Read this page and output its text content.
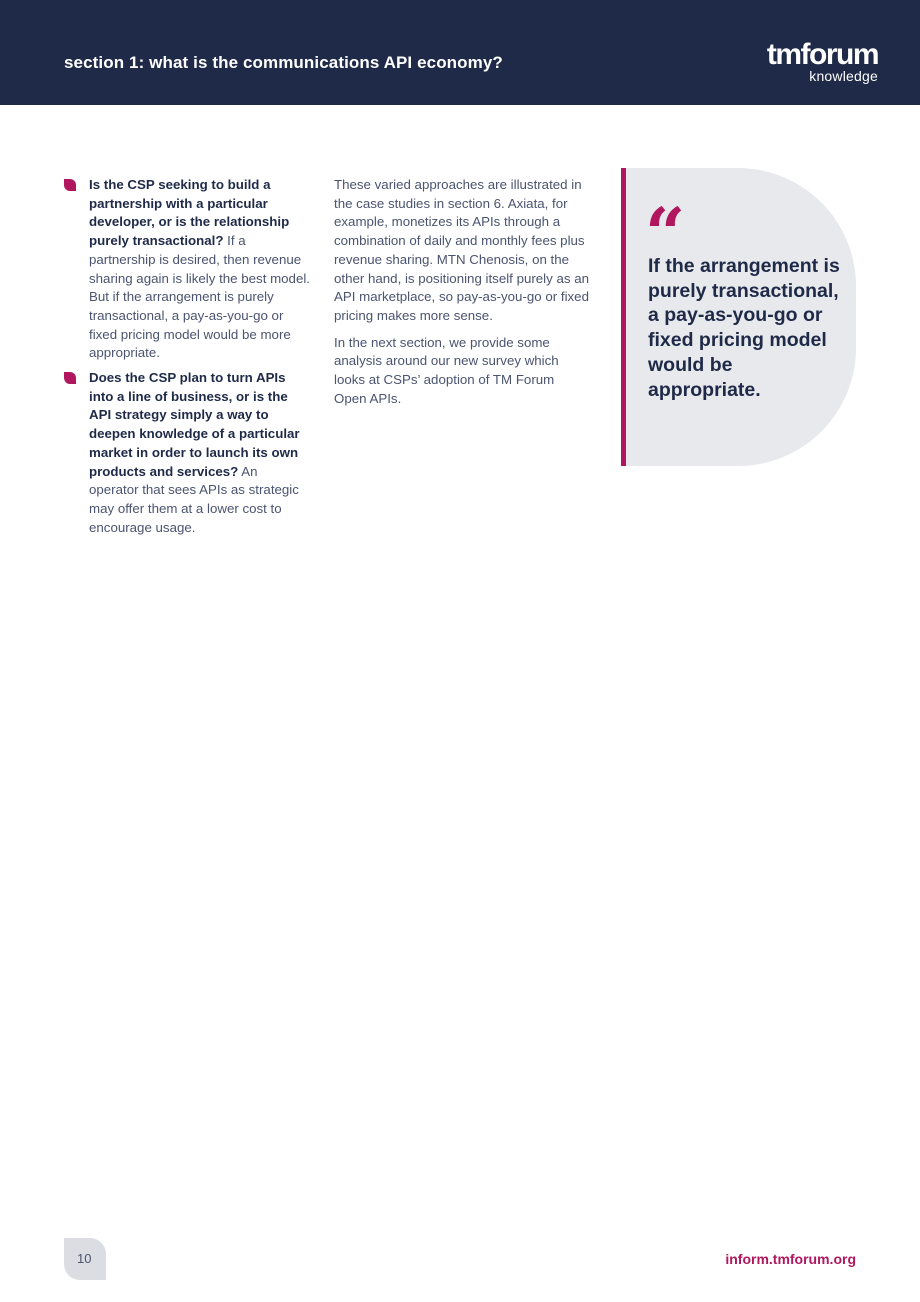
section 1: what is the communications API economy?	tmforum
knowledge
Is the CSP seeking to build a partnership with a particular developer, or is the relationship purely transactional? If a partnership is desired, then revenue sharing again is likely the best model. But if the arrangement is purely transactional, a pay-as-you-go or fixed pricing model would be more appropriate.
Does the CSP plan to turn APIs into a line of business, or is the API strategy simply a way to deepen knowledge of a particular market in order to launch its own products and services? An operator that sees APIs as strategic may offer them at a lower cost to encourage usage.

These varied approaches are illustrated in the case studies in section 6. Axiata, for example, monetizes its APIs through a combination of daily and monthly fees plus revenue sharing. MTN Chenosis, on the other hand, is positioning itself purely as an API marketplace, so pay-as-you-go or fixed pricing makes more sense.

In the next section, we provide some analysis around our new survey which looks at CSPs’ adoption of TM Forum Open APIs.

“
If the arrangement is purely transactional, a pay-as-you-go or fixed pricing model would be appropriate.
10	inform.tmforum.org
